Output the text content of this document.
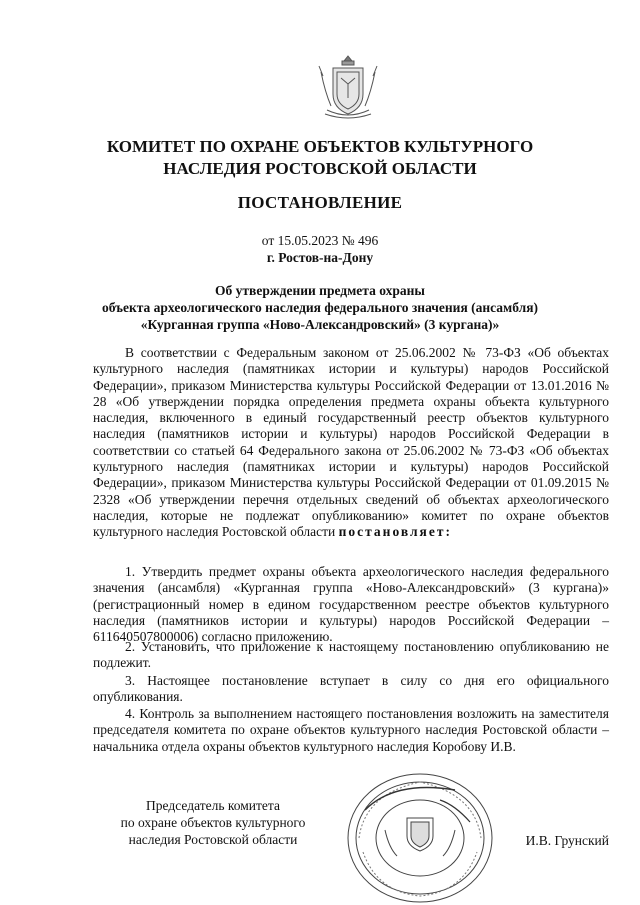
КОМИТЕТ ПО ОХРАНЕ ОБЪЕКТОВ КУЛЬТУРНОГО
НАСЛЕДИЯ РОСТОВСКОЙ ОБЛАСТИ
ПОСТАНОВЛЕНИЕ
от 15.05.2023 № 496
г. Ростов-на-Дону
Об утверждении предмета охраны
объекта археологического наследия федерального значения (ансамбля)
«Курганная группа «Ново-Александровский» (3 кургана)»

В соответствии с Федеральным законом от 25.06.2002 № 73-ФЗ «Об объектах культурного наследия (памятниках истории и культуры) народов Российской Федерации», приказом Министерства культуры Российской Федерации от 13.01.2016 № 28 «Об утверждении порядка определения предмета охраны объекта культурного наследия, включенного в единый государственный реестр объектов культурного наследия (памятников истории и культуры) народов Российской Федерации в соответствии со статьей 64 Федерального закона от 25.06.2002 № 73-ФЗ «Об объектах культурного наследия (памятниках истории и культуры) народов Российской Федерации», приказом Министерства культуры Российской Федерации от 01.09.2015 № 2328 «Об утверждении перечня отдельных сведений об объектах археологического наследия, которые не подлежат опубликованию» комитет по охране объектов культурного наследия Ростовской области постановляет:

1. Утвердить предмет охраны объекта археологического наследия федерального значения (ансамбля) «Курганная группа «Ново-Александровский» (3 кургана)» (регистрационный номер в едином государственном реестре объектов культурного наследия (памятников истории и культуры) народов Российской Федерации – 611640507800006) согласно приложению.

2. Установить, что приложение к настоящему постановлению опубликованию не подлежит.

3. Настоящее постановление вступает в силу со дня его официального опубликования.

4. Контроль за выполнением настоящего постановления возложить на заместителя председателя комитета по охране объектов культурного наследия Ростовской области – начальника отдела охраны объектов культурного наследия Коробову И.В.

Председатель комитета
по охране объектов культурного
наследия Ростовской области	И.В. Грунский
